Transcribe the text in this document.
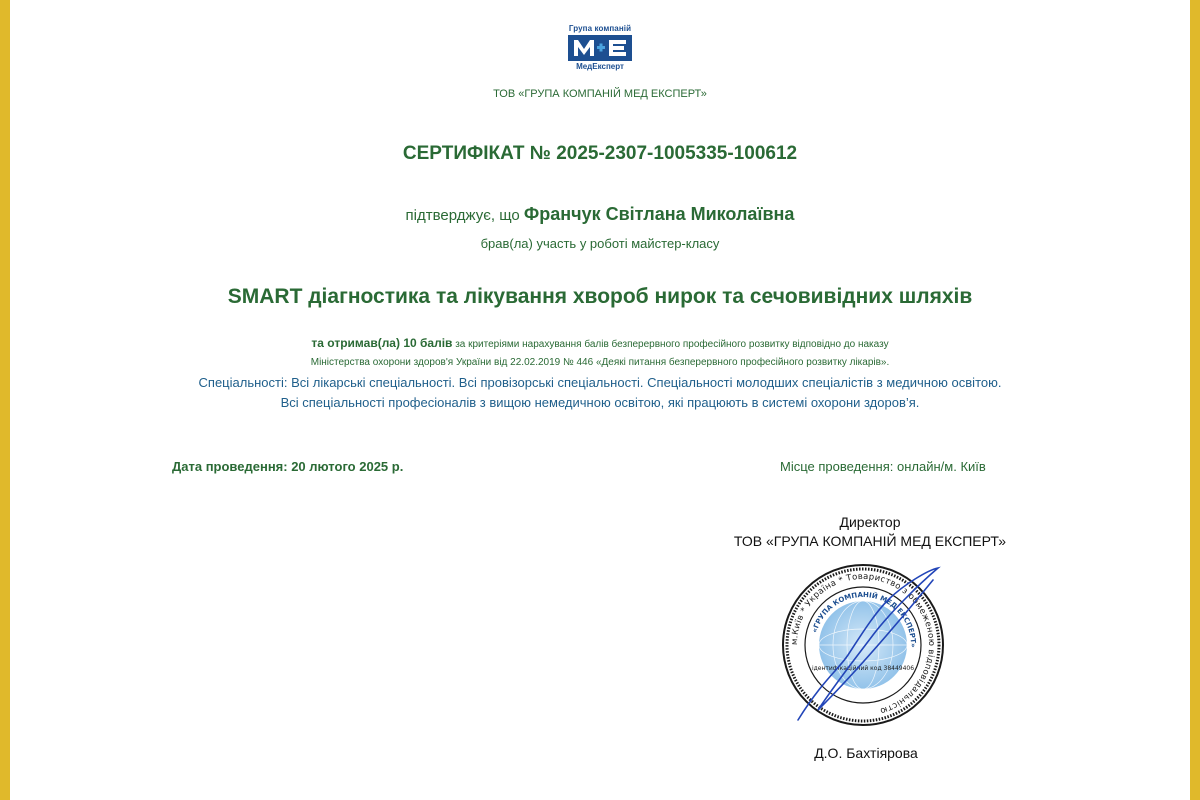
Група компаній
МедЕксперт
ТОВ «ГРУПА КОМПАНІЙ МЕД ЕКСПЕРТ»
СЕРТИФІКАТ № 2025-2307-1005335-100612
підтверджує, що Франчук Світлана Миколаївна
брав(ла) участь у роботі майстер-класу
SMART діагностика та лікування хвороб нирок та сечовивідних шляхів
та отримав(ла) 10 балів за критеріями нарахування балів безперервного професійного розвитку відповідно до наказу
Міністерства охорони здоров'я України від 22.02.2019 № 446 «Деякі питання безперервного професійного розвитку лікарів».
Спеціальності: Всі лікарські спеціальності. Всі провізорські спеціальності. Спеціальності молодших спеціалістів з медичною освітою.
Всі спеціальності професіоналів з вищою немедичною освітою, які працюють в системі охорони здоров’я.
Дата проведення: 20 лютого 2025 р.	Місце проведення: онлайн/м. Київ
Директор
ТОВ «ГРУПА КОМПАНІЙ МЕД ЕКСПЕРТ»
м.Київ * Україна * Товариство з обмеженою відповідальністю
«ГРУПА КОМПАНІЙ МЕД ЕКСПЕРТ»
ідентифікаційний код 38449406
Д.О. Бахтіярова
